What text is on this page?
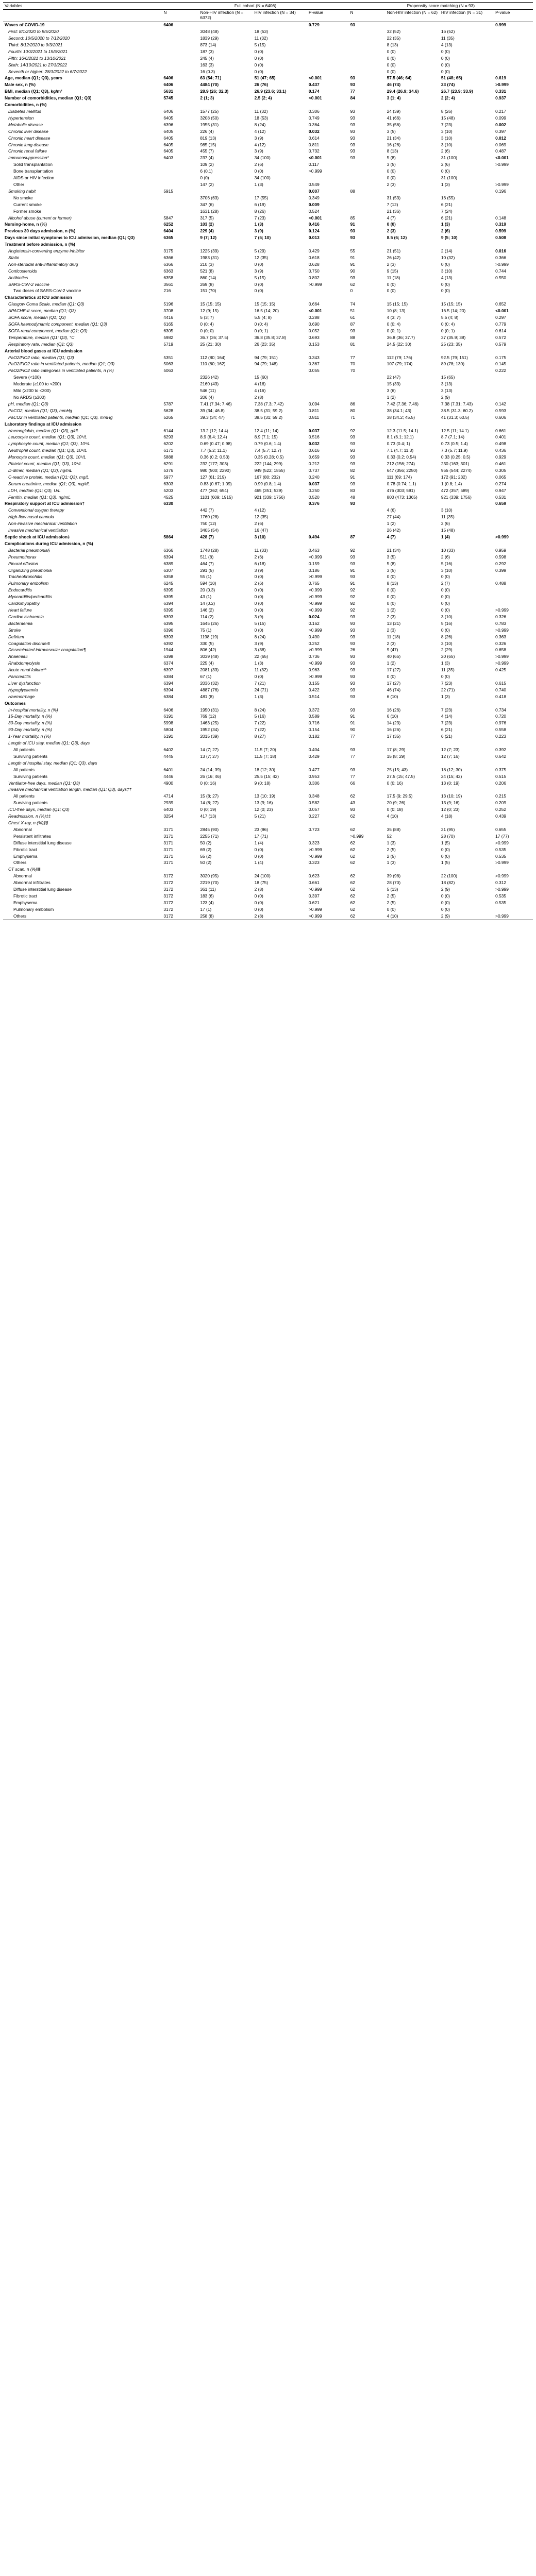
Variables	Full cohort (N = 6406)				Propensity score matching (N = 93)			
	N	Non-HIV infection (N = 6372)	HIV infection (N = 34)	P-value	N	Non-HIV infection (N = 62)	HIV infection (N = 31)	P-value
Waves of COVID-19	6406			0.729	93			0.999
First: 8/1/2020 to 9/5/2020		3048 (48)	18 (53)			32 (52)	16 (52)	
Second: 10/5/2020 to 7/12/2020		1839 (29)	11 (32)			22 (35)	11 (35)	
Third: 8/12/2020 to 9/3/2021		873 (14)	5 (15)			8 (13)	4 (13)	
Fourth: 10/3/2021 to 15/6/2021		187 (3)	0 (0)			0 (0)	0 (0)	
Fifth: 16/6/2021 to 13/10/2021		245 (4)	0 (0)			0 (0)	0 (0)	
Sixth: 14/10/2021 to 27/3/2022		163 (3)	0 (0)			0 (0)	0 (0)	
Seventh or higher: 28/3/2022 to 6/7/2022		16 (0.3)	0 (0)			0 (0)	0 (0)	
Age, median (Q1; Q3), years	6406	63 (54; 71)	51 (47; 65)	<0.001	93	57.5 (46; 64)	51 (48; 65)	0.619
Male sex, n (%)	6406	4484 (70)	26 (76)	0.437	93	46 (74)	23 (74)	>0.999
BMI, median (Q1; Q3), kg/m²	5631	28.9 (26; 32.3)	26.9 (23.6; 33.1)	0.174	77	29.4 (26.9; 34.6)	26.7 (23.9; 33.9)	0.331
Number of comorbidities, median (Q1; Q3)	5745	2 (1; 3)	2.5 (2; 4)	<0.001	84	3 (1; 4)	2 (2; 4)	0.937
Comorbidities, n (%)								
Diabetes mellitus	6406	1577 (25)	11 (32)	0.306	93	24 (39)	8 (26)	0.217
Hypertension	6405	3208 (50)	18 (53)	0.749	93	41 (66)	15 (48)	0.099
Metabolic disease	6396	1955 (31)	8 (24)	0.364	93	35 (56)	7 (23)	0.002
Chronic liver disease	6405	226 (4)	4 (12)	0.032	93	3 (5)	3 (10)	0.397
Chronic heart disease	6405	819 (13)	3 (9)	0.614	93	21 (34)	3 (10)	0.012
Chronic lung disease	6405	985 (15)	4 (12)	0.811	93	16 (26)	3 (10)	0.069
Chronic renal failure	6405	455 (7)	3 (9)	0.732	93	8 (13)	2 (6)	0.487
Immunosuppression*	6403	237 (4)	34 (100)	<0.001	93	5 (8)	31 (100)	<0.001
Solid transplantation		109 (2)	2 (6)	0.117		3 (5)	2 (6)	>0.999
Bone transplantation		6 (0.1)	0 (0)	>0.999		0 (0)	0 (0)	
AIDS or HIV infection		0 (0)	34 (100)			0 (0)	31 (100)	
Other		147 (2)	1 (3)	0.549		2 (3)	1 (3)	>0.999
Smoking habit	5915			0.007	88			0.196
No smoke		3706 (63)	17 (55)	0.349		31 (53)	16 (55)	
Current smoke		347 (6)	6 (19)	0.009		7 (12)	6 (21)	
Former smoke		1631 (28)	8 (26)	0.524		21 (36)	7 (24)	
Alcohol abuse (current or former)	5847	317 (5)	7 (23)	<0.001	85	4 (7)	6 (21)	0.148
Nursing-home, n (%)	6252	103 (2)	1 (3)	0.416	91	0 (0)	1 (3)	0.319
Previous 30 days admission, n (%)	6404	229 (4)	3 (9)	0.124	93	2 (3)	2 (6)	0.599
Days since initial symptoms to ICU admission, median (Q1; Q3)	6365	9 (7; 12)	7 (5; 10)	0.013	93	8.5 (6; 12)	9 (5; 10)	0.508
Treatment before admission, n (%)								
Angiotensin-converting enzyme inhibitor	3175	1225 (39)	5 (29)	0.429	55	21 (51)	2 (14)	0.016
Statin	6366	1983 (31)	12 (35)	0.618	91	26 (42)	10 (32)	0.366
Non-steroidal anti-inflammatory drug	6366	210 (3)	0 (0)	0.628	91	2 (3)	0 (0)	>0.999
Corticosteroids	6363	521 (8)	3 (9)	0.750	90	9 (15)	3 (10)	0.744
Antibiotics	6358	860 (14)	5 (15)	0.802	93	11 (18)	4 (13)	0.550
SARS-CoV-2 vaccine	3561	269 (8)	0 (0)	>0.999	62	0 (0)	0 (0)	
Two doses of SARS-CoV-2 vaccine	216	151 (70)	0 (0)		0	0 (0)	0 (0)	
Characteristics at ICU admission								
Glasgow Coma Scale, median (Q1; Q3)	5196	15 (15; 15)	15 (15; 15)	0.664	74	15 (15; 15)	15 (15; 15)	0.652
APACHE-II score, median (Q1; Q3)	3708	12 (9; 15)	16.5 (14; 20)	<0.001	51	10 (8; 13)	16.5 (14; 20)	<0.001
SOFA score, median (Q1; Q3)	4416	5 (3; 7)	5.5 (4; 8)	0.288	61	4 (3; 7)	5.5 (4; 8)	0.297
SOFA haemodynamic component, median (Q1; Q3)	6165	0 (0; 4)	0 (0; 4)	0.690	87	0 (0; 4)	0 (0; 4)	0.779
SOFA renal component, median (Q1; Q3)	6305	0 (0; 0)	0 (0; 1)	0.052	93	0 (0; 1)	0 (0; 1)	0.614
Temperature, median (Q1; Q3), °C	5982	36.7 (36; 37.5)	36.8 (35.8; 37.8)	0.693	88	36.8 (36; 37.7)	37 (35.9; 38)	0.572
Respiratory rate, median (Q1; Q3)	5719	25 (21; 30)	26 (23; 35)	0.153	81	24.5 (22; 30)	25 (23; 35)	0.579
Arterial blood gases at ICU admission								
PaO2/FiO2 ratio, median (Q1; Q3)	5351	112 (80; 164)	94 (79; 151)	0.343	77	112 (79; 176)	92.5 (79; 151)	0.175
PaO2/FiO2 ratio in ventilated patients, median (Q1; Q3)	5063	110 (80; 162)	94 (79; 148)	0.367	70	107 (79; 174)	89 (78; 130)	0.145
PaO2/FiO2 ratio categories in ventilated patients, n (%)	5063			0.055	70			0.222
Severe (<100)		2326 (42)	15 (60)			22 (47)	15 (65)	
Moderate (≥100 to <200)		2160 (43)	4 (16)			15 (33)	3 (13)	
Mild (≥200 to <300)		546 (11)	4 (16)			3 (6)	3 (13)	
No ARDS (≥300)		206 (4)	2 (8)			1 (2)	2 (9)	
pH, median (Q1; Q3)	5787	7.41 (7.34; 7.46)	7.38 (7.3; 7.42)	0.094	86	7.42 (7.36; 7.46)	7.38 (7.31; 7.43)	0.142
PaCO2, median (Q1; Q3), mmHg	5628	39 (34; 46.8)	38.5 (31; 59.2)	0.811	80	38 (34.1; 43)	38.5 (31.3; 60.2)	0.593
PaCO2 in ventilated patients, median (Q1; Q3), mmHg	5265	39.3 (34; 47)	38.5 (31; 59.2)	0.811	71	38 (34.2; 45.5)	41 (31.3; 60.5)	0.606
Laboratory findings at ICU admission								
Haemoglobin, median (Q1; Q3), g/dL	6144	13.2 (12; 14.4)	12.4 (11; 14)	0.037	92	12.3 (11.5; 14.1)	12.5 (11; 14.1)	0.661
Leucocyte count, median (Q1; Q3), 10⁹/L	6293	8.9 (6.4; 12.4)	8.9 (7.1; 15)	0.516	93	8.1 (6.1; 12.1)	8.7 (7.1; 14)	0.401
Lymphocyte count, median (Q1; Q3), 10⁹/L	6202	0.69 (0.47; 0.98)	0.79 (0.6; 1.4)	0.032	93	0.73 (0.4; 1)	0.73 (0.5; 1.4)	0.498
Neutrophil count, median (Q1; Q3), 10⁹/L	6171	7.7 (5.2; 11.1)	7.4 (5.7; 12.7)	0.616	93	7.1 (4.7; 11.3)	7.3 (5.7; 11.9)	0.436
Monocyte count, median (Q1; Q3), 10⁹/L	5888	0.36 (0.2; 0.53)	0.35 (0.28; 0.5)	0.659	93	0.33 (0.2; 0.54)	0.33 (0.25; 0.5)	0.929
Platelet count, median (Q1; Q3), 10⁹/L	6291	232 (177; 303)	222 (144; 299)	0.212	93	212 (156; 274)	230 (163; 301)	0.461
D-dimer, median (Q1; Q3), ng/mL	5376	980 (500; 2290)	949 (522; 1855)	0.737	82	647 (356; 2250)	955 (544; 2274)	0.305
C-reactive protein, median (Q1; Q3), mg/L	5977	127 (61; 219)	167 (80; 232)	0.240	91	111 (69; 174)	172 (91; 232)	0.065
Serum creatinine, median (Q1; Q3), mg/dL	6303	0.83 (0.67; 1.09)	0.99 (0.8; 1.4)	0.037	93	0.78 (0.74; 1.1)	1 (0.8; 1.4)	0.274
LDH, median (Q1; Q3), U/L	5203	477 (362; 654)	465 (351; 529)	0.250	83	476 (303; 591)	472 (357; 589)	0.947
Ferritin, median (Q1; Q3), ng/mL	4525	1101 (609; 1915)	921 (339; 1756)	0.520	48	800 (473; 1365)	921 (339; 1756)	0.531
Respiratory support at ICU admission†	6330			0.376	93			0.659
Conventional oxygen therapy		442 (7)	4 (12)			4 (6)	3 (10)	
High-flow nasal cannula		1760 (28)	12 (35)			27 (44)	11 (35)	
Non-invasive mechanical ventilation		750 (12)	2 (6)			1 (2)	2 (6)	
Invasive mechanical ventilation		3405 (54)	16 (47)			26 (42)	15 (48)	
Septic shock at ICU admission‡	5864	428 (7)	3 (10)	0.494	87	4 (7)	1 (4)	>0.999
Complications during ICU admission, n (%)								
Bacterial pneumonia§	6366	1748 (28)	11 (33)	0.463	92	21 (34)	10 (33)	0.959
Pneumothorax	6394	511 (8)	2 (6)	>0.999	93	3 (5)	2 (6)	0.598
Pleural effusion	6389	464 (7)	6 (18)	0.159	93	5 (8)	5 (16)	0.292
Organizing pneumonia	6307	291 (5)	3 (9)	0.186	91	3 (5)	3 (10)	0.399
Tracheobronchitis	6358	55 (1)	0 (0)	>0.999	93	0 (0)	0 (0)	
Pulmonary embolism	6245	594 (10)	2 (6)	0.765	91	8 (13)	2 (7)	0.488
Endocarditis	6395	20 (0.3)	0 (0)	>0.999	92	0 (0)	0 (0)	
Myocarditis/pericarditis	6395	43 (1)	0 (0)	>0.999	92	0 (0)	0 (0)	
Cardiomyopathy	6394	14 (0.2)	0 (0)	>0.999	92	0 (0)	0 (0)	
Heart failure	6395	146 (2)	0 (0)	>0.999	92	1 (2)	0 (0)	>0.999
Cardiac ischaemia	6393	114 (2)	3 (9)	0.024	93	2 (3)	3 (10)	0.326
Bacteraemia	6395	1645 (26)	5 (15)	0.162	93	13 (21)	5 (16)	0.783
Stroke	6396	75 (1)	0 (0)	>0.999	93	2 (3)	0 (0)	>0.999
Delirium	6393	1198 (19)	8 (24)	0.490	93	11 (18)	8 (26)	0.363
Coagulation disorder‖	6392	330 (5)	3 (9)	0.252	93	2 (3)	3 (10)	0.326
Disseminated intravascular coagulation¶	1944	806 (42)	3 (38)	>0.999	26	9 (47)	2 (29)	0.658
Anaemia#	6398	3039 (48)	22 (65)	0.736	93	40 (65)	20 (65)	>0.999
Rhabdomyolysis	6374	225 (4)	1 (3)	>0.999	93	1 (2)	1 (3)	>0.999
Acute renal failure**	6397	2081 (33)	11 (32)	0.963	93	17 (27)	11 (35)	0.425
Pancreatitis	6384	67 (1)	0 (0)	>0.999	93	0 (0)	0 (0)	
Liver dysfunction	6394	2036 (32)	7 (21)	0.155	93	17 (27)	7 (23)	0.615
Hypoglycaemia	6394	4887 (76)	24 (71)	0.422	93	46 (74)	22 (71)	0.740
Haemorrhage	6384	481 (8)	1 (3)	0.514	93	6 (10)	1 (3)	0.418
Outcomes								
In-hospital mortality, n (%)	6406	1950 (31)	8 (24)	0.372	93	16 (26)	7 (23)	0.734
15-Day mortality, n (%)	6191	769 (12)	5 (16)	0.589	91	6 (10)	4 (14)	0.720
30-Day mortality, n (%)	5998	1463 (25)	7 (22)	0.716	91	14 (23)	7 (23)	0.976
90-Day mortality, n (%)	5804	1952 (34)	7 (22)	0.154	90	16 (26)	6 (21)	0.558
1-Year mortality, n (%)	5191	2015 (39)	8 (27)	0.182	77	17 (35)	6 (21)	0.223
Length of ICU stay, median (Q1; Q3), days								
All patients	6402	14 (7; 27)	11.5 (7; 20)	0.404	93	17 (8; 29)	12 (7; 23)	0.392
Surviving patients	4445	13 (7; 27)	11.5 (7; 18)	0.429	77	15 (8; 29)	12 (7; 16)	0.642
Length of hospital stay, median (Q1; Q3), days								
All patients	6401	24 (14; 39)	18 (12; 30)	0.477	93	25 (15; 43)	18 (12; 30)	0.375
Surviving patients	4446	26 (16; 46)	25.5 (15; 42)	0.953	77	27.5 (15; 47.5)	24 (15; 42)	0.515
Ventilator-free days, median (Q1; Q3)	4900	0 (0; 16)	9 (0; 18)	0.306	66	0 (0; 16)	13 (0; 19)	0.206
Invasive mechanical ventilation length, median (Q1; Q3), days††								
All patients	4714	15 (8; 27)	13 (10; 19)	0.348	62	17.5 (9; 29.5)	13 (10; 19)	0.215
Surviving patients	2939	14 (8; 27)	13 (9; 16)	0.582	43	20 (9; 26)	13 (9; 16)	0.209
ICU-free days, median (Q1; Q3)	6403	0 (0; 19)	12 (0; 23)	0.057	93	0 (0; 18)	12 (0; 23)	0.252
Readmission, n (%)‡‡	3254	417 (13)	5 (21)	0.227	62	4 (10)	4 (18)	0.439
Chest X-ray, n (%)§§								
Abnormal	3171	2845 (90)	23 (96)	0.723	62	35 (88)	21 (95)	0.655
Persistent infiltrates	3171	2255 (71)	17 (71)		>0.999	52	28 (70)	17 (77)
Diffuse interstitial lung disease	3171	50 (2)	1 (4)	0.323	62	1 (3)	1 (5)	>0.999
Fibrotic tract	3171	69 (2)	0 (0)	>0.999	62	2 (5)	0 (0)	0.535
Emphysema	3171	55 (2)	0 (0)	>0.999	62	2 (5)	0 (0)	0.535
Others	3171	50 (2)	1 (4)	0.323	62	1 (3)	1 (5)	>0.999
CT scan, n (%)‖‖								
Abnormal	3172	3020 (95)	24 (100)	0.623	62	39 (98)	22 (100)	>0.999
Abnormal infiltrates	3172	2219 (70)	18 (75)	0.661	62	28 (70)	18 (82)	0.312
Diffuse interstitial lung disease	3172	361 (11)	2 (8)	>0.999	62	5 (13)	2 (9)	>0.999
Fibrotic tract	3172	183 (6)	0 (0)	0.397	62	2 (5)	0 (0)	0.535
Emphysema	3172	123 (4)	0 (0)	0.621	62	2 (5)	0 (0)	0.535
Pulmonary embolism	3172	17 (1)	0 (0)	>0.999	62	0 (0)	0 (0)	
Others	3172	258 (8)	2 (8)	>0.999	62	4 (10)	2 (9)	>0.999
